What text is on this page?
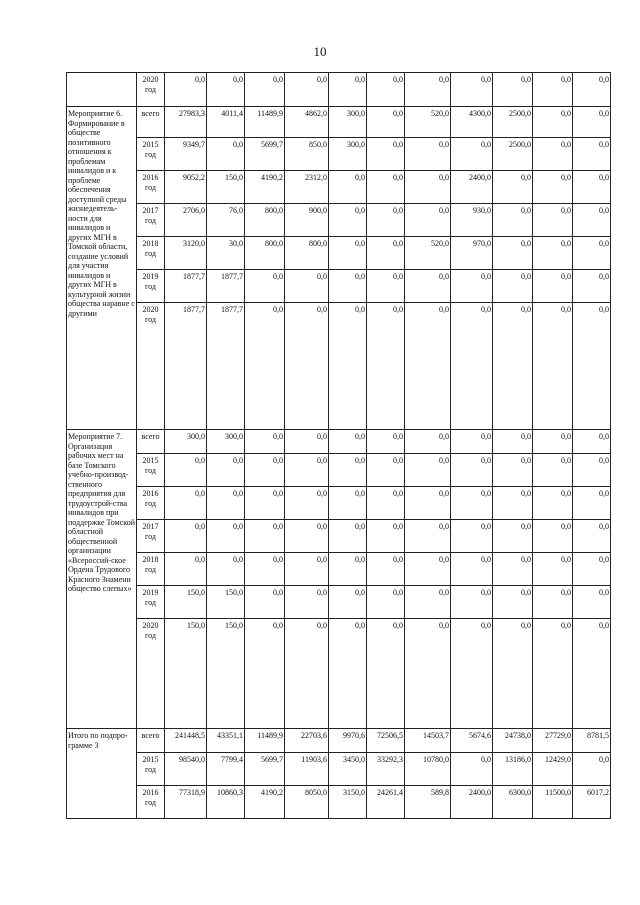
10
	2020 год	0,0	0,0	0,0	0,0	0,0	0,0	0,0	0,0	0,0	0,0	0,0
Мероприятие 6. Формирование в обществе позитивного отношения к проблемам инвалидов и к проблеме обеспечения доступной среды жизнедеятель-ности для инвалидов и других МГН в Томской области, создание условий для участия инвалидов и других МГН в культурной жизни общества наравне с другими	всего	27983,3	4011,4	11489,9	4862,0	300,0	0,0	520,0	4300,0	2500,0	0,0	0,0
	2015 год	9349,7	0,0	5699,7	850,0	300,0	0,0	0,0	0,0	2500,0	0,0	0,0
	2016 год	9052,2	150,0	4190,2	2312,0	0,0	0,0	0,0	2400,0	0,0	0,0	0,0
	2017 год	2706,0	76,0	800,0	900,0	0,0	0,0	0,0	930,0	0,0	0,0	0,0
	2018 год	3120,0	30,0	800,0	800,0	0,0	0,0	520,0	970,0	0,0	0,0	0,0
	2019 год	1877,7	1877,7	0,0	0,0	0,0	0,0	0,0	0,0	0,0	0,0	0,0
	2020 год	1877,7	1877,7	0,0	0,0	0,0	0,0	0,0	0,0	0,0	0,0	0,0
Мероприятие 7. Организация рабочих мест на базе Томского учебно-производ-ственного предприятия для трудоустрой-ства инвалидов при поддержке Томской областной общественной организации «Всероссий-ское Ордена Трудового Красного Знамени общество слепых»	всего	300,0	300,0	0,0	0,0	0,0	0,0	0,0	0,0	0,0	0,0	0,0
	2015 год	0,0	0,0	0,0	0,0	0,0	0,0	0,0	0,0	0,0	0,0	0,0
	2016 год	0,0	0,0	0,0	0,0	0,0	0,0	0,0	0,0	0,0	0,0	0,0
	2017 год	0,0	0,0	0,0	0,0	0,0	0,0	0,0	0,0	0,0	0,0	0,0
	2018 год	0,0	0,0	0,0	0,0	0,0	0,0	0,0	0,0	0,0	0,0	0,0
	2019 год	150,0	150,0	0,0	0,0	0,0	0,0	0,0	0,0	0,0	0,0	0,0
	2020 год	150,0	150,0	0,0	0,0	0,0	0,0	0,0	0,0	0,0	0,0	0,0
Итого по подпро-грамме 3	всего	241448,5	43351,1	11489,9	22703,6	9970,6	72506,5	14503,7	5674,6	24738,0	27729,0	8781,5
	2015 год	98540,0	7799,4	5699,7	11903,6	3450,0	33292,3	10780,0	0,0	13186,0	12429,0	0,0
	2016 год	77318,9	10860,3	4190,2	8050,0	3150,0	24261,4	589,8	2400,0	6300,0	11500,0	6017,2
